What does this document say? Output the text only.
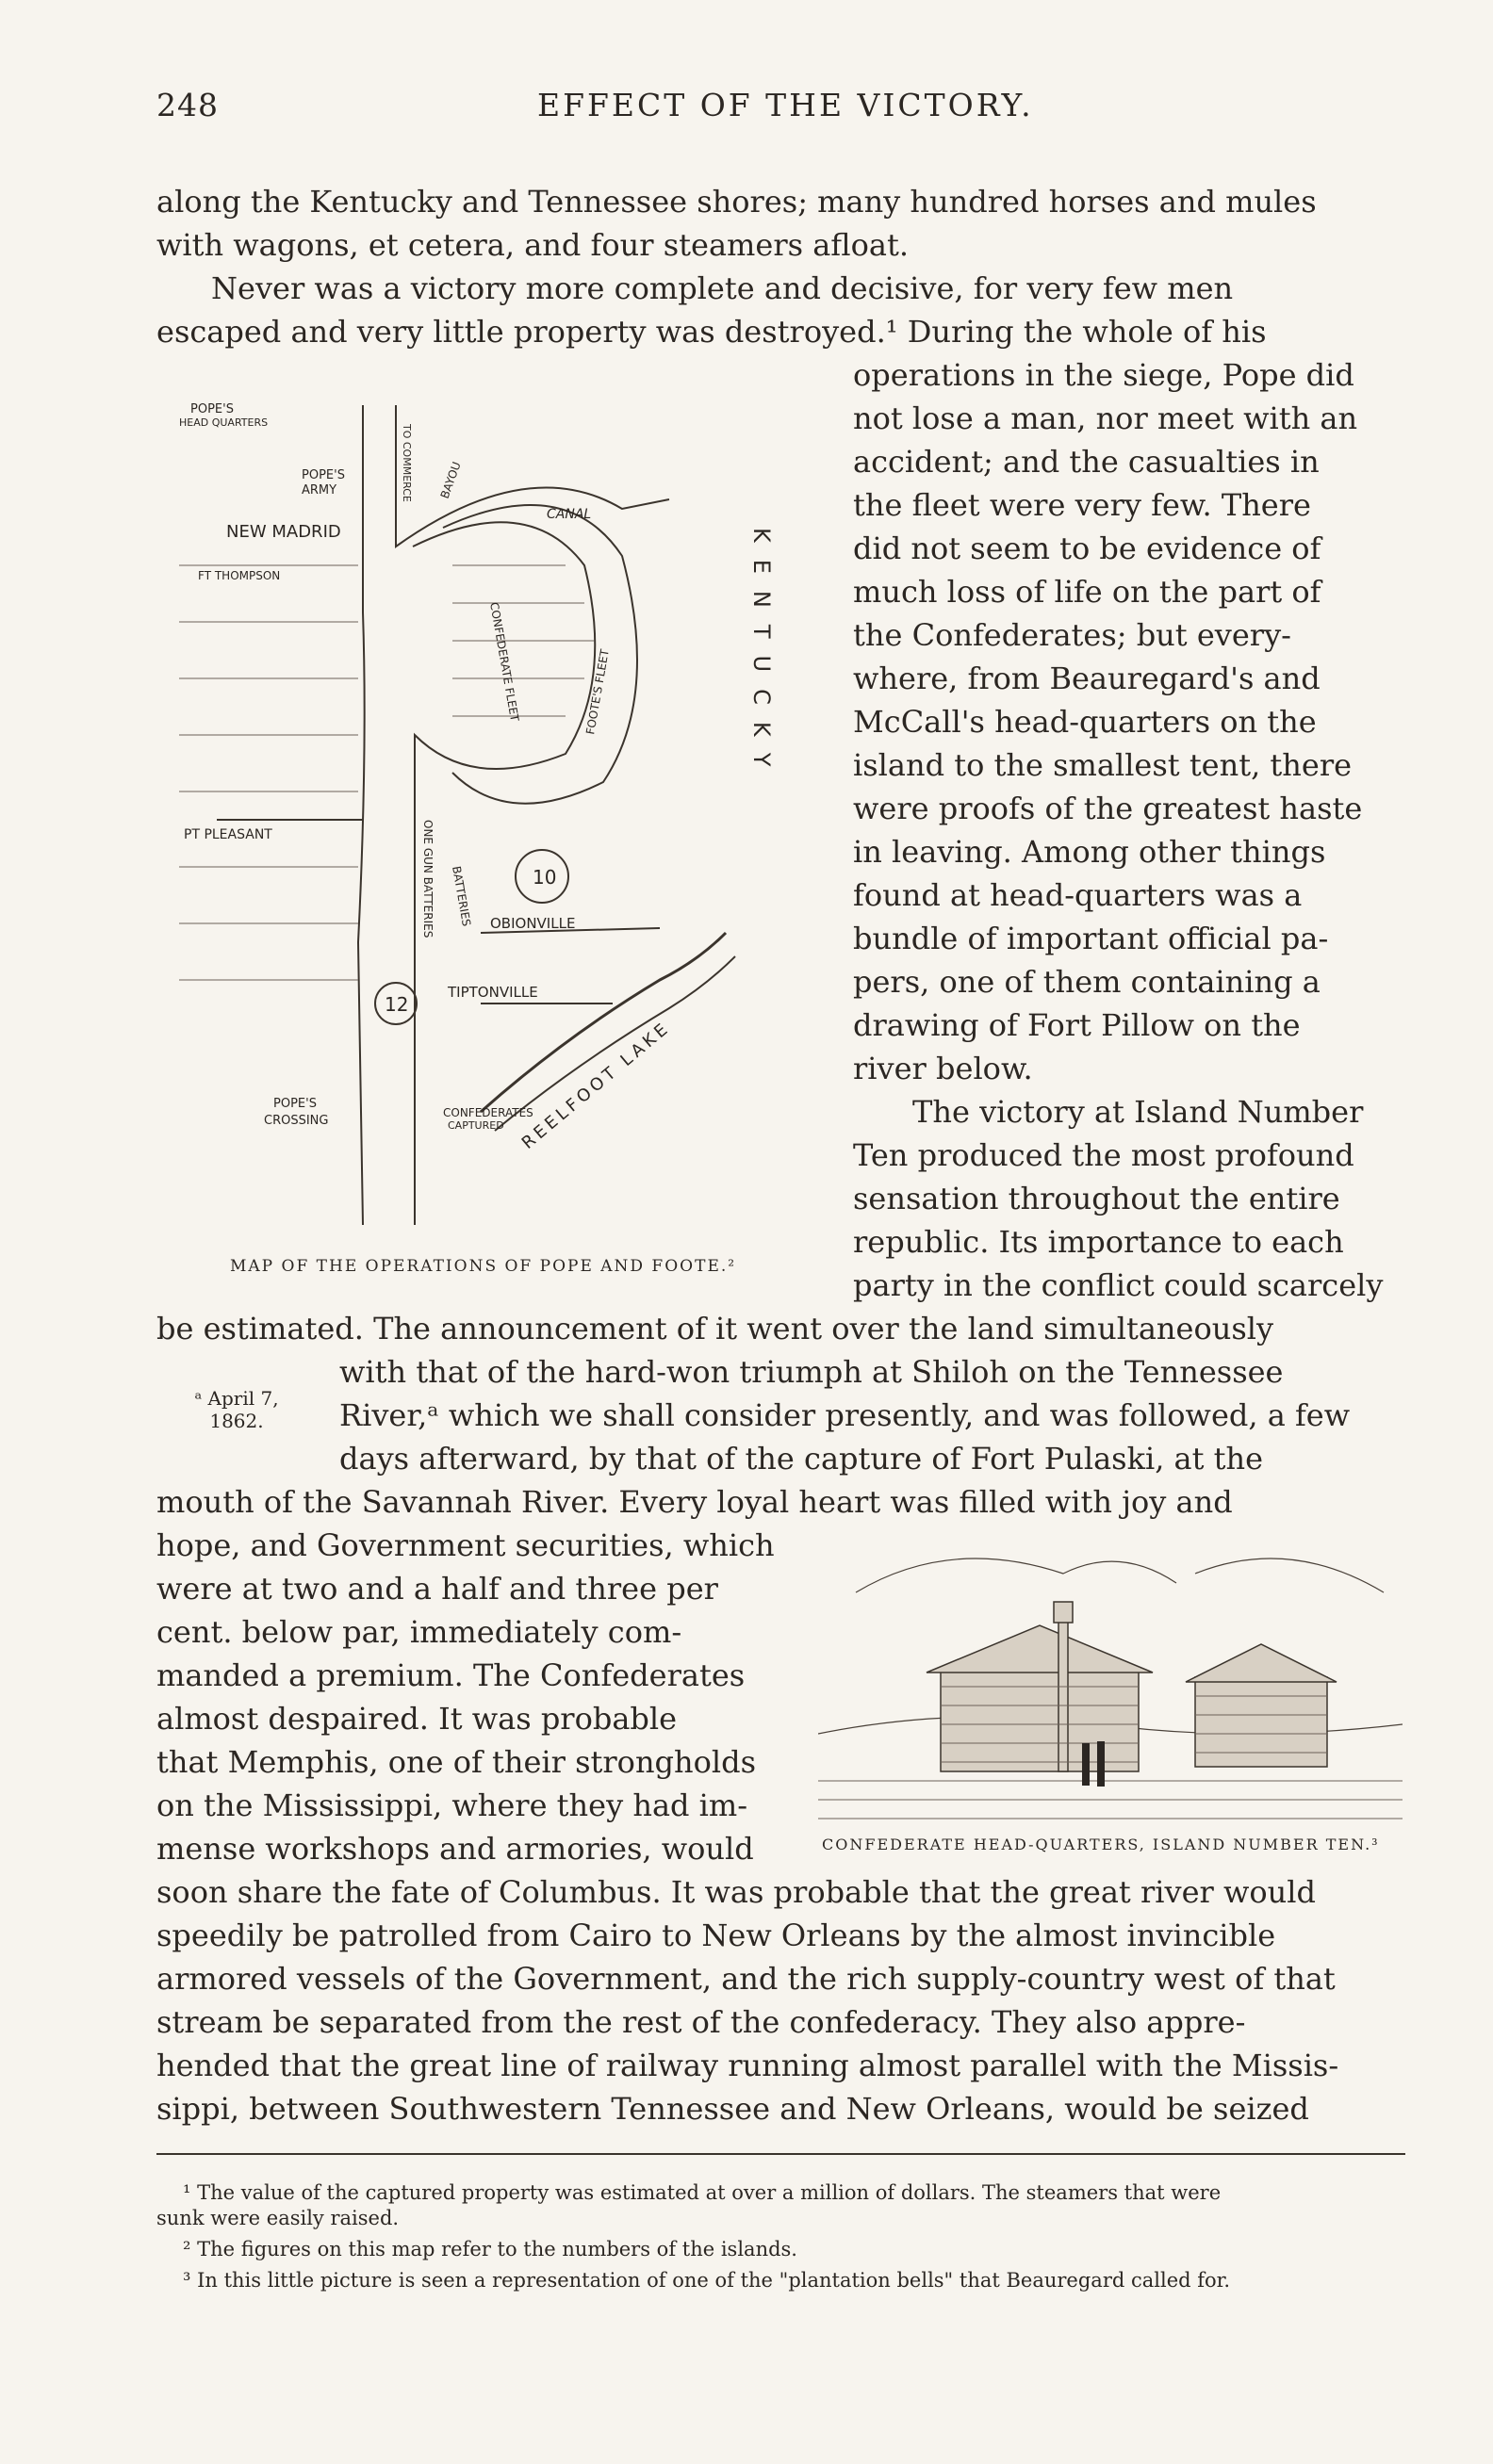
248	EFFECT OF THE VICTORY.
along the Kentucky and Tennessee shores; many hundred horses and mules
with wagons, et cetera, and four steamers afloat.
Never was a victory more complete and decisive, for very few men
escaped and very little property was destroyed.¹ During the whole of his
operations in the siege, Pope did
not lose a man, nor meet with an
accident; and the casualties in
the fleet were very few. There
did not seem to be evidence of
much loss of life on the part of
the Confederates; but every-
where, from Beauregard's and
McCall's head-quarters on the
island to the smallest tent, there
were proofs of the greatest haste
in leaving. Among other things
found at head-quarters was a
bundle of important official pa-
pers, one of them containing a
drawing of Fort Pillow on the
river below.
The victory at Island Number
Ten produced the most profound
sensation throughout the entire
republic. Its importance to each
party in the conflict could scarcely
be estimated. The announcement of it went over the land simultaneously
with that of the hard-won triumph at Shiloh on the Tennessee
River,ᵃ which we shall consider presently, and was followed, a few
days afterward, by that of the capture of Fort Pulaski, at the
mouth of the Savannah River. Every loyal heart was filled with joy and
hope, and Government securities, which
were at two and a half and three per
cent. below par, immediately com-
manded a premium. The Confederates
almost despaired. It was probable
that Memphis, one of their strongholds
on the Mississippi, where they had im-
mense workshops and armories, would
soon share the fate of Columbus. It was probable that the great river would
speedily be patrolled from Cairo to New Orleans by the almost invincible
armored vessels of the Government, and the rich supply-country west of that
stream be separated from the rest of the confederacy. They also appre-
hended that the great line of railway running almost parallel with the Missis-
sippi, between Southwestern Tennessee and New Orleans, would be seized
ᵃ April 7,
1862.
POPE'S
HEAD QUARTERS
POPE'S
ARMY	TO COMMERCE
NEW MADRID
CANAL
BAYOU
FT THOMPSON
CONFEDERATE FLEET	FOOTE'S FLEET	KENTUCKY
PT PLEASANT	ONE GUN BATTERIES BATTERIES	10
OBIONVILLE
12
TIPTONVILLE
POPE'S
CROSSING
CONFEDERATES
CAPTURED REELFOOT LAKE
MAP OF THE OPERATIONS OF POPE AND FOOTE.²
CONFEDERATE HEAD-QUARTERS, ISLAND NUMBER TEN.³
¹ The value of the captured property was estimated at over a million of dollars. The steamers that were
sunk were easily raised.
² The figures on this map refer to the numbers of the islands.
³ In this little picture is seen a representation of one of the "plantation bells" that Beauregard called for.
